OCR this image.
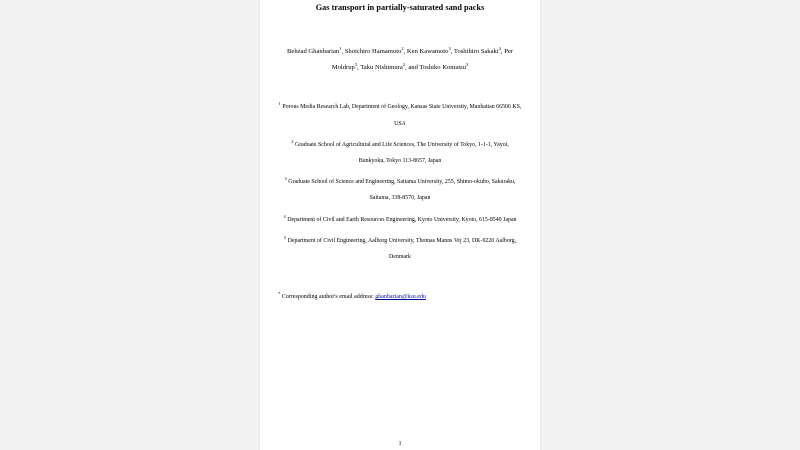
Gas transport in partially-saturated sand packs

Behzad Ghanbarian$^1$, Shoichiro Hamamoto$^2$, Ken Kawamoto$^3$, Toshihiro Sakaki$^4$, Per Moldrup$^5$, Taku Nishimura$^2$, and Toshiko Komatsu$^3$

$^1$ Porous Media Research Lab, Department of Geology, Kansas State University, Manhattan 66506 KS, USA

$^2$ Graduate School of Agricultural and Life Sciences, The University of Tokyo, 1-1-1, Yayoi, Bunkyoku, Tokyo 113-8657, Japan

$^3$ Graduate School of Science and Engineering, Saitama University, 255, Shimo-okubo, Sakuraku, Saitama, 338-8570, Japan

$^4$ Department of Civil and Earth Resources Engineering, Kyoto University, Kyoto, 615-8540 Japan

$^5$ Department of Civil Engineering, Aalborg University, Thomas Manns Vej 23, DK-9220 Aalborg, Denmark

* Corresponding author's email address: ghanbarian@ksu.edu

1
